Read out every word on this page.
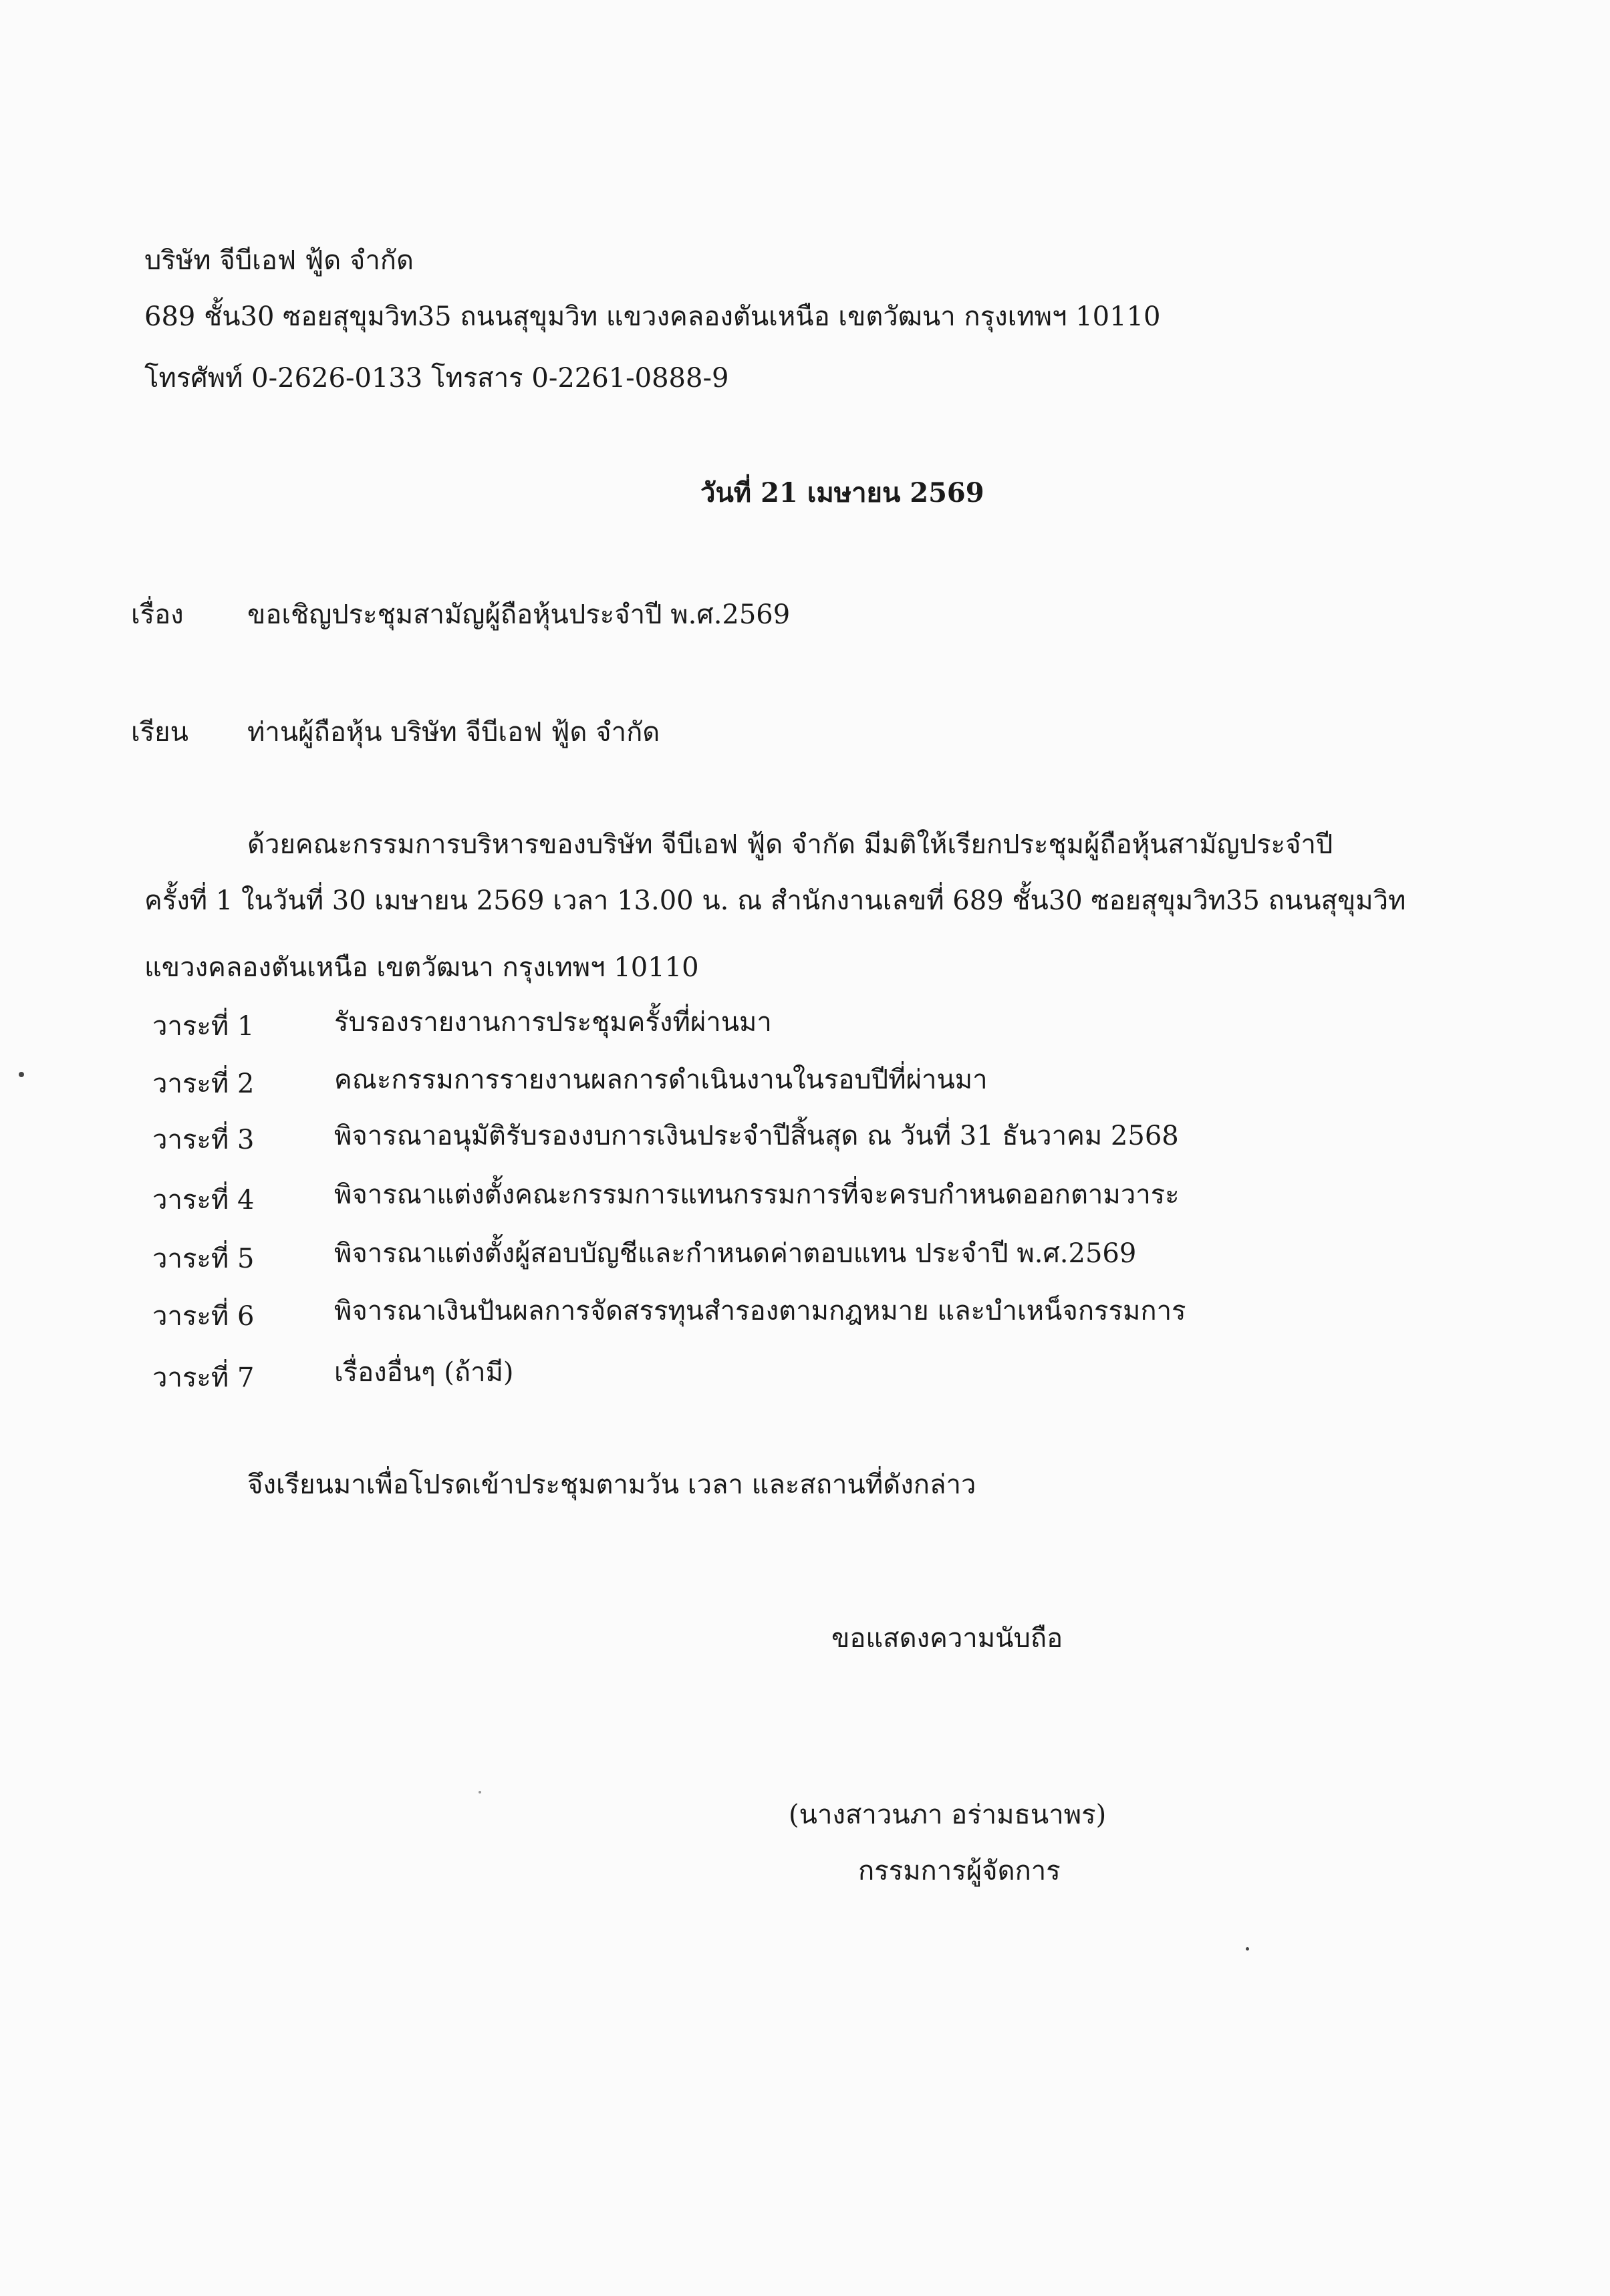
บริษัท จีบีเอฟ ฟู้ด จำกัด
689 ชั้น30 ซอยสุขุมวิท35 ถนนสุขุมวิท แขวงคลองตันเหนือ เขตวัฒนา กรุงเทพฯ 10110
โทรศัพท์ 0-2626-0133 โทรสาร 0-2261-0888-9
วันที่ 21 เมษายน 2569
เรื่อง ขอเชิญประชุมสามัญผู้ถือหุ้นประจำปี พ.ศ.2569
เรียน ท่านผู้ถือหุ้น บริษัท จีบีเอฟ ฟู้ด จำกัด
ด้วยคณะกรรมการบริหารของบริษัท จีบีเอฟ ฟู้ด จำกัด มีมติให้เรียกประชุมผู้ถือหุ้นสามัญประจำปี
ครั้งที่ 1 ในวันที่ 30 เมษายน 2569 เวลา 13.00 น. ณ สำนักงานเลขที่ 689 ชั้น30 ซอยสุขุมวิท35 ถนนสุขุมวิท
แขวงคลองตันเหนือ เขตวัฒนา กรุงเทพฯ 10110
วาระที่ 1	รับรองรายงานการประชุมครั้งที่ผ่านมา
วาระที่ 2	คณะกรรมการรายงานผลการดำเนินงานในรอบปีที่ผ่านมา
วาระที่ 3	พิจารณาอนุมัติรับรองงบการเงินประจำปีสิ้นสุด ณ วันที่ 31 ธันวาคม 2568
วาระที่ 4	พิจารณาแต่งตั้งคณะกรรมการแทนกรรมการที่จะครบกำหนดออกตามวาระ
วาระที่ 5	พิจารณาแต่งตั้งผู้สอบบัญชีและกำหนดค่าตอบแทน ประจำปี พ.ศ.2569
วาระที่ 6	พิจารณาเงินปันผลการจัดสรรทุนสำรองตามกฎหมาย และบำเหน็จกรรมการ
วาระที่ 7	เรื่องอื่นๆ (ถ้ามี)
จึงเรียนมาเพื่อโปรดเข้าประชุมตามวัน เวลา และสถานที่ดังกล่าว
ขอแสดงความนับถือ
(นางสาวนภา อร่ามธนาพร)
กรรมการผู้จัดการ
